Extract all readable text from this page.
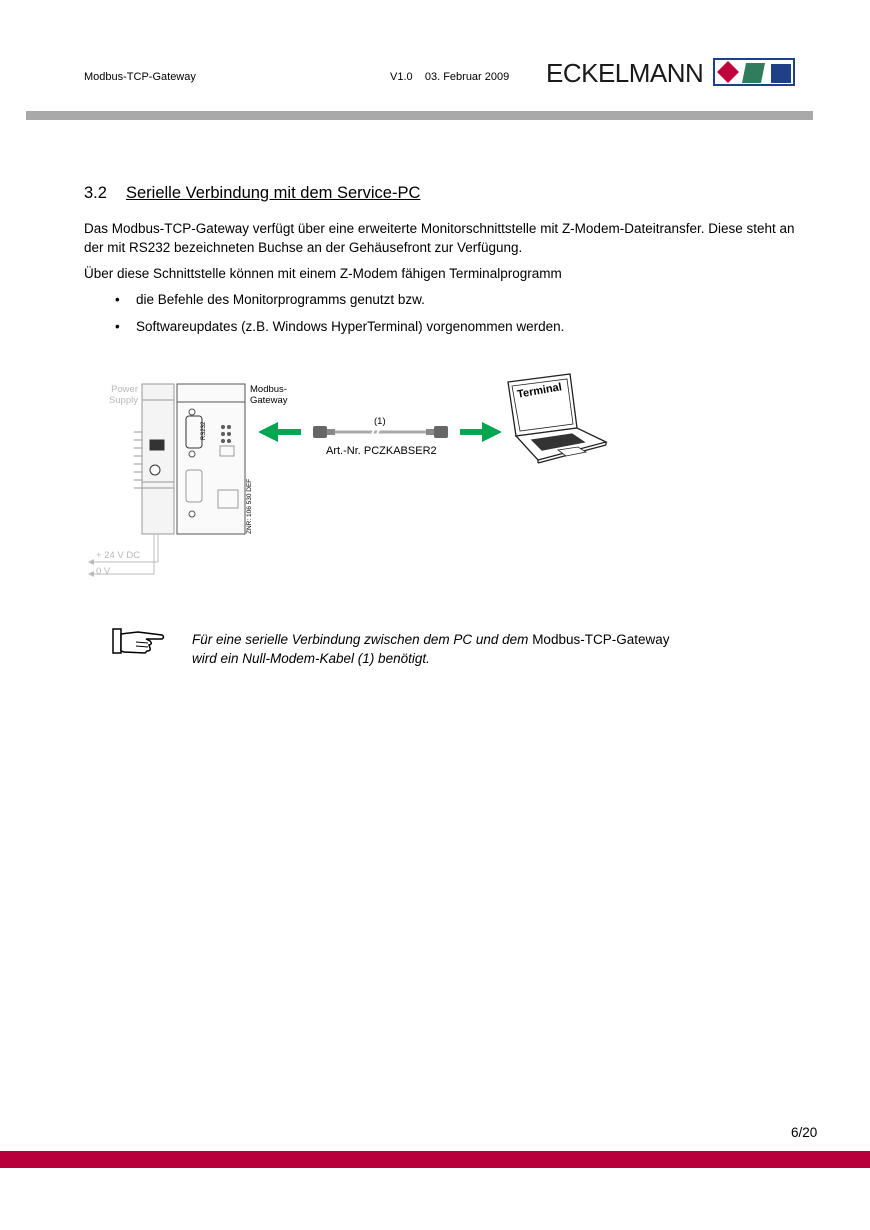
Modbus-TCP-Gateway	V1.0    03. Februar 2009 ECKELMANN
3.2 Serielle Verbindung mit dem Service-PC
Das Modbus-TCP-Gateway verfügt über eine erweiterte Monitorschnittstelle mit Z-Modem-Dateitransfer. Diese steht an der mit RS232 bezeichneten Buchse an der Gehäusefront zur Verfügung.
Über diese Schnittstelle können mit einem Z-Modem fähigen Terminalprogramm
• die Befehle des Monitorprogramms genutzt bzw.
• Softwareupdates (z.B. Windows HyperTerminal) vorgenommen werden.
Power
Supply
Modbus-
Gateway
(1)
Art.-Nr. PCZKABSER2
Terminal
+ 24 V DC
0 V
RS232
ZNR: 106 530 DEF
Für eine serielle Verbindung zwischen dem PC und dem Modbus-TCP-Gateway
wird ein Null-Modem-Kabel (1) benötigt.
6/20
